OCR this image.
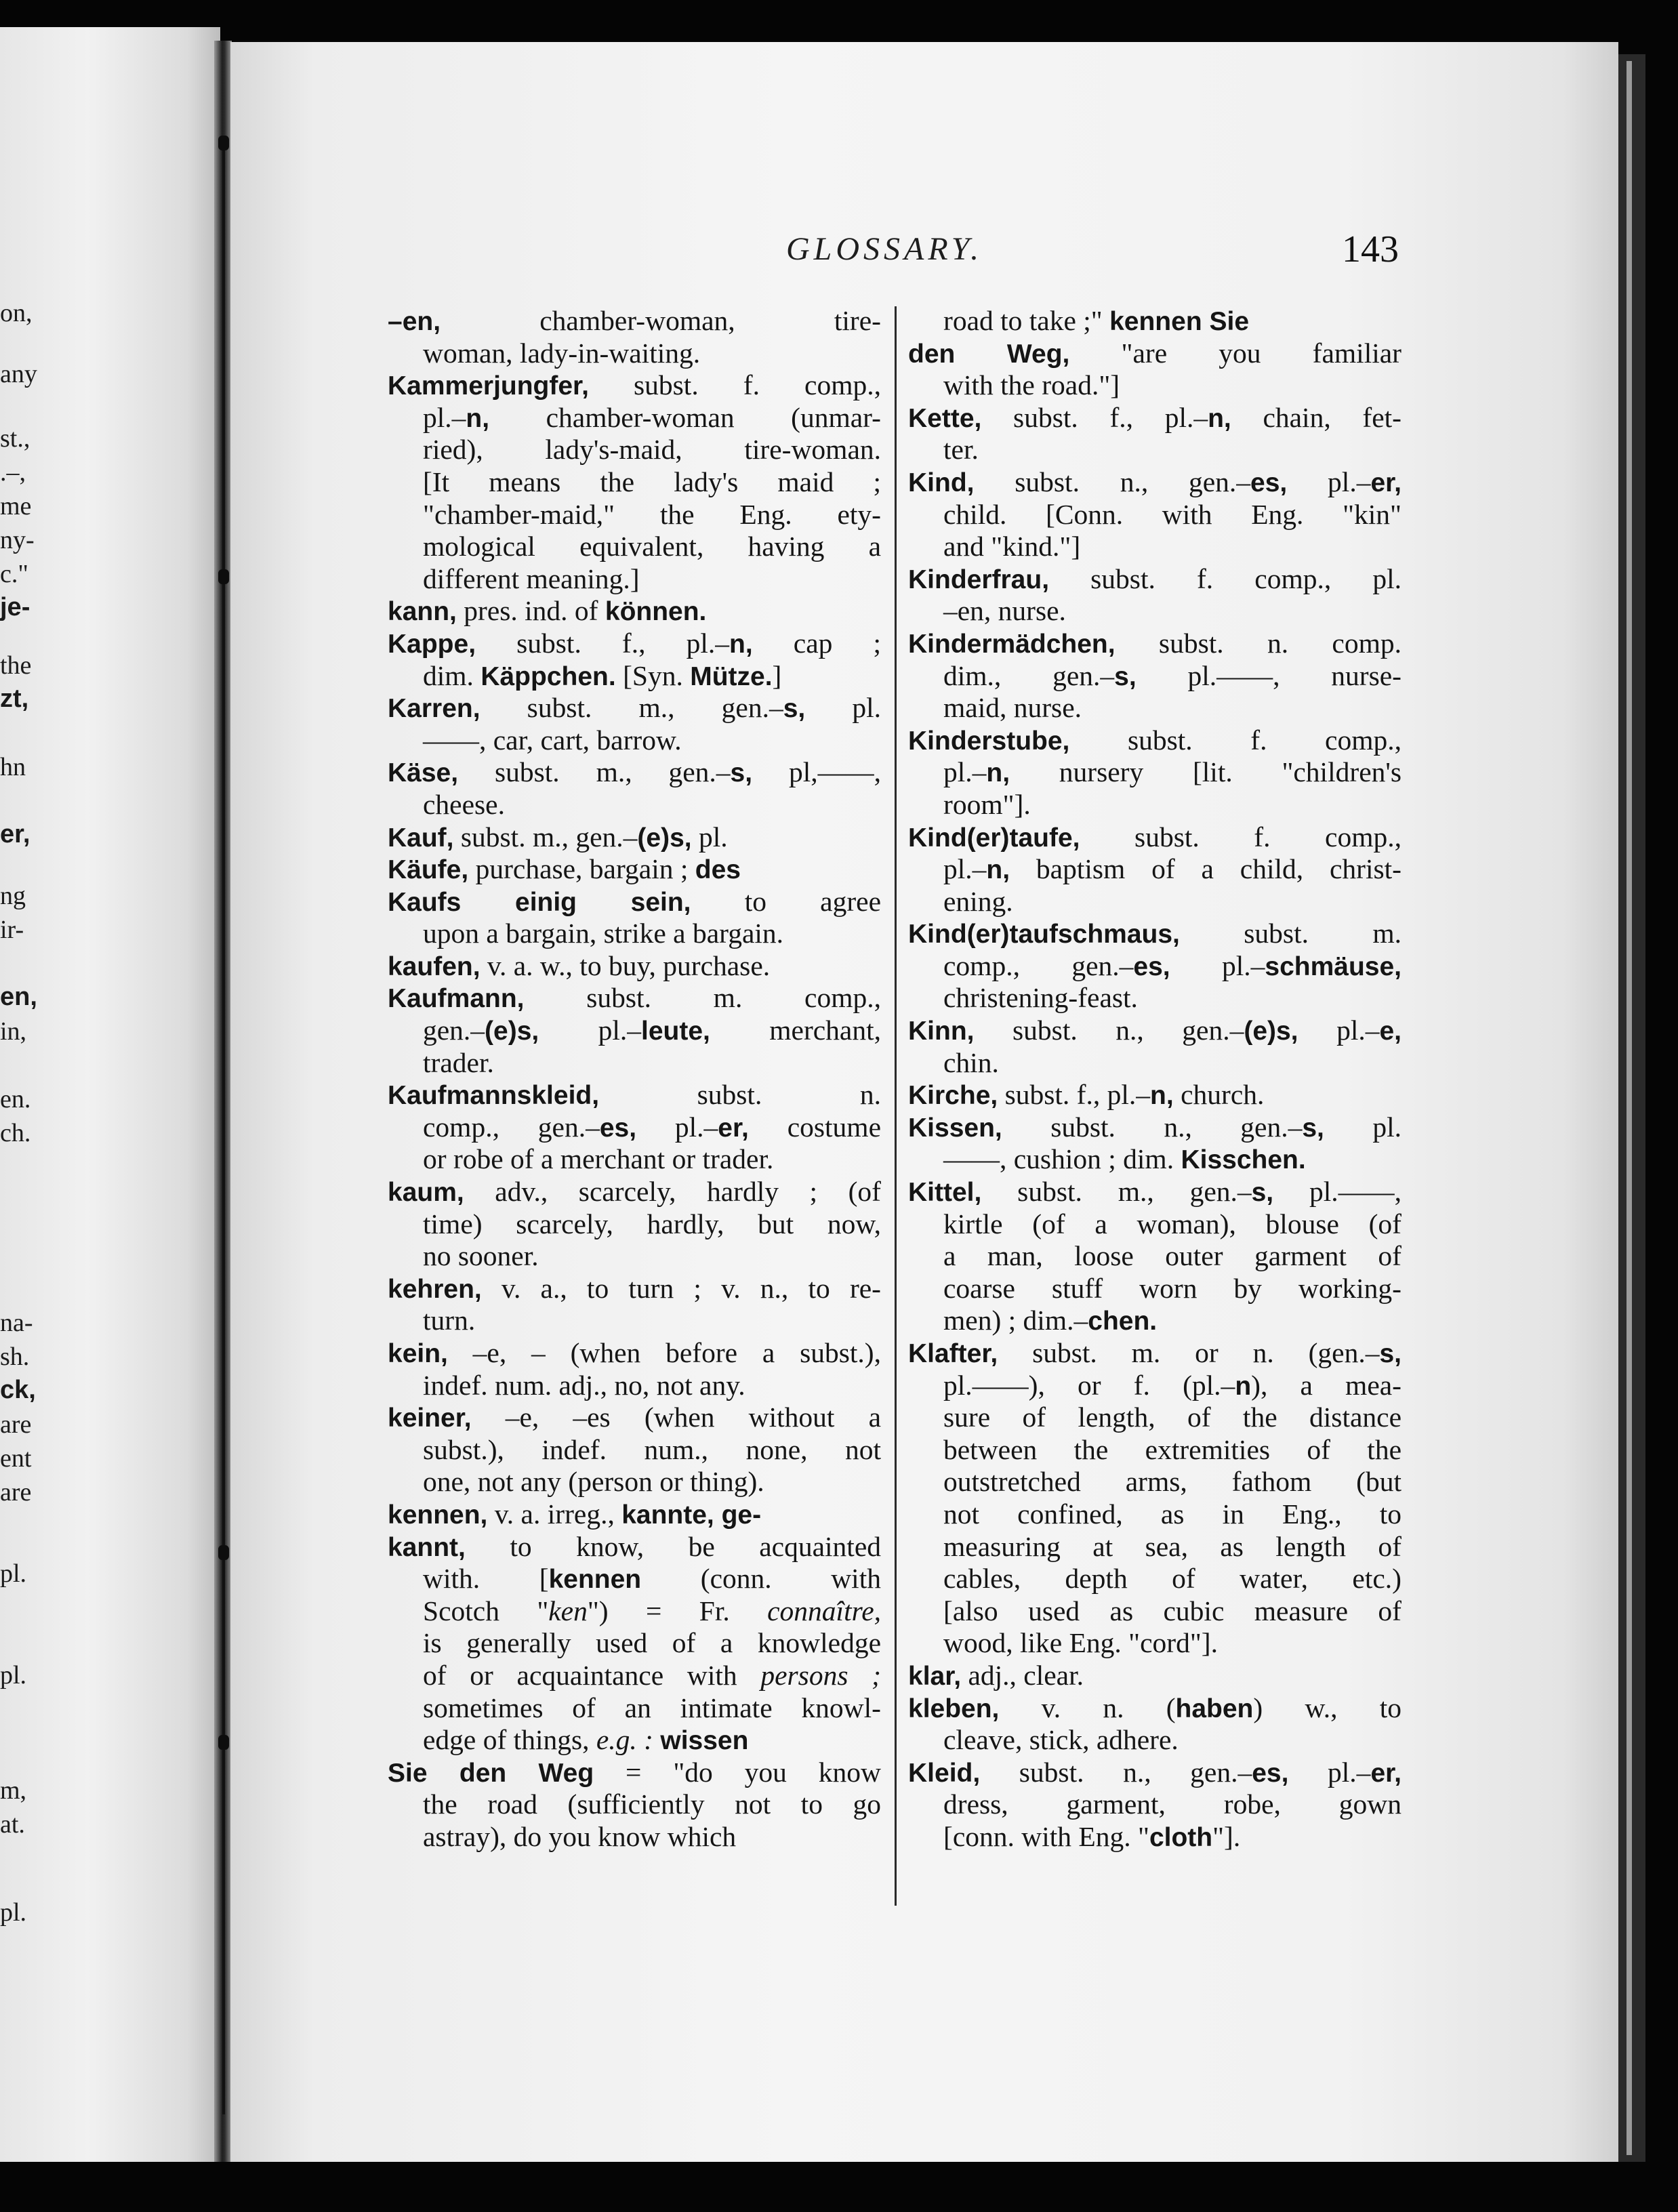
GLOSSARY.	143
–en, chamber-woman, tire-
woman, lady-in-waiting.
Kammerjungfer, subst. f. comp.,
pl.–n, chamber-woman (unmar-
ried), lady's-maid, tire-woman.
[It means the lady's maid ;
"chamber-maid," the Eng. ety-
mological equivalent, having a
different meaning.]
kann, pres. ind. of können.
Kappe, subst. f., pl.–n, cap ;
dim. Käppchen. [Syn. Mütze.]
Karren, subst. m., gen.–s, pl.
——, car, cart, barrow.
Käse, subst. m., gen.–s, pl,——,
cheese.
Kauf, subst. m., gen.–(e)s, pl.
Käufe, purchase, bargain ; des
Kaufs einig sein, to agree
upon a bargain, strike a bargain.
kaufen, v. a. w., to buy, purchase.
Kaufmann, subst. m. comp.,
gen.–(e)s, pl.–leute, merchant,
trader.
Kaufmannskleid, subst. n.
comp., gen.–es, pl.–er, costume
or robe of a merchant or trader.
kaum, adv., scarcely, hardly ; (of
time) scarcely, hardly, but now,
no sooner.
kehren, v. a., to turn ; v. n., to re-
turn.
kein, –e, – (when before a subst.),
indef. num. adj., no, not any.
keiner, –e, –es (when without a
subst.), indef. num., none, not
one, not any (person or thing).
kennen, v. a. irreg., kannte, ge-
kannt, to know, be acquainted
with. [kennen (conn. with
Scotch "ken") = Fr. connaître,
is generally used of a knowledge
of or acquaintance with persons ;
sometimes of an intimate knowl-
edge of things, e.g. : wissen
Sie den Weg = "do you know
the road (sufficiently not to go
astray), do you know which
road to take ;" kennen Sie
den Weg, "are you familiar
with the road."]
Kette, subst. f., pl.–n, chain, fet-
ter.
Kind, subst. n., gen.–es, pl.–er,
child. [Conn. with Eng. "kin"
and "kind."]
Kinderfrau, subst. f. comp., pl.
–en, nurse.
Kindermädchen, subst. n. comp.
dim., gen.–s, pl.——, nurse-
maid, nurse.
Kinderstube, subst. f. comp.,
pl.–n, nursery [lit. "children's
room"].
Kind(er)taufe, subst. f. comp.,
pl.–n, baptism of a child, christ-
ening.
Kind(er)taufschmaus, subst. m.
comp., gen.–es, pl.–schmäuse,
christening-feast.
Kinn, subst. n., gen.–(e)s, pl.–e,
chin.
Kirche, subst. f., pl.–n, church.
Kissen, subst. n., gen.–s, pl.
——, cushion ; dim. Kisschen.
Kittel, subst. m., gen.–s, pl.——,
kirtle (of a woman), blouse (of
a man, loose outer garment of
coarse stuff worn by working-
men) ; dim.–chen.
Klafter, subst. m. or n. (gen.–s,
pl.——), or f. (pl.–n), a mea-
sure of length, of the distance
between the extremities of the
outstretched arms, fathom (but
not confined, as in Eng., to
measuring at sea, as length of
cables, depth of water, etc.)
[also used as cubic measure of
wood, like Eng. "cord"].
klar, adj., clear.
kleben, v. n. (haben) w., to
cleave, stick, adhere.
Kleid, subst. n., gen.–es, pl.–er,
dress, garment, robe, gown
[conn. with Eng. "cloth"].
on,
any
st.,
.–,
me
ny-
c."
je-
the
zt,
hn
er,
ng
ir-
en,
in,
en.
ch.
na-
sh.
ck,
are
ent
are
pl.
pl.
m,
at.
pl.
